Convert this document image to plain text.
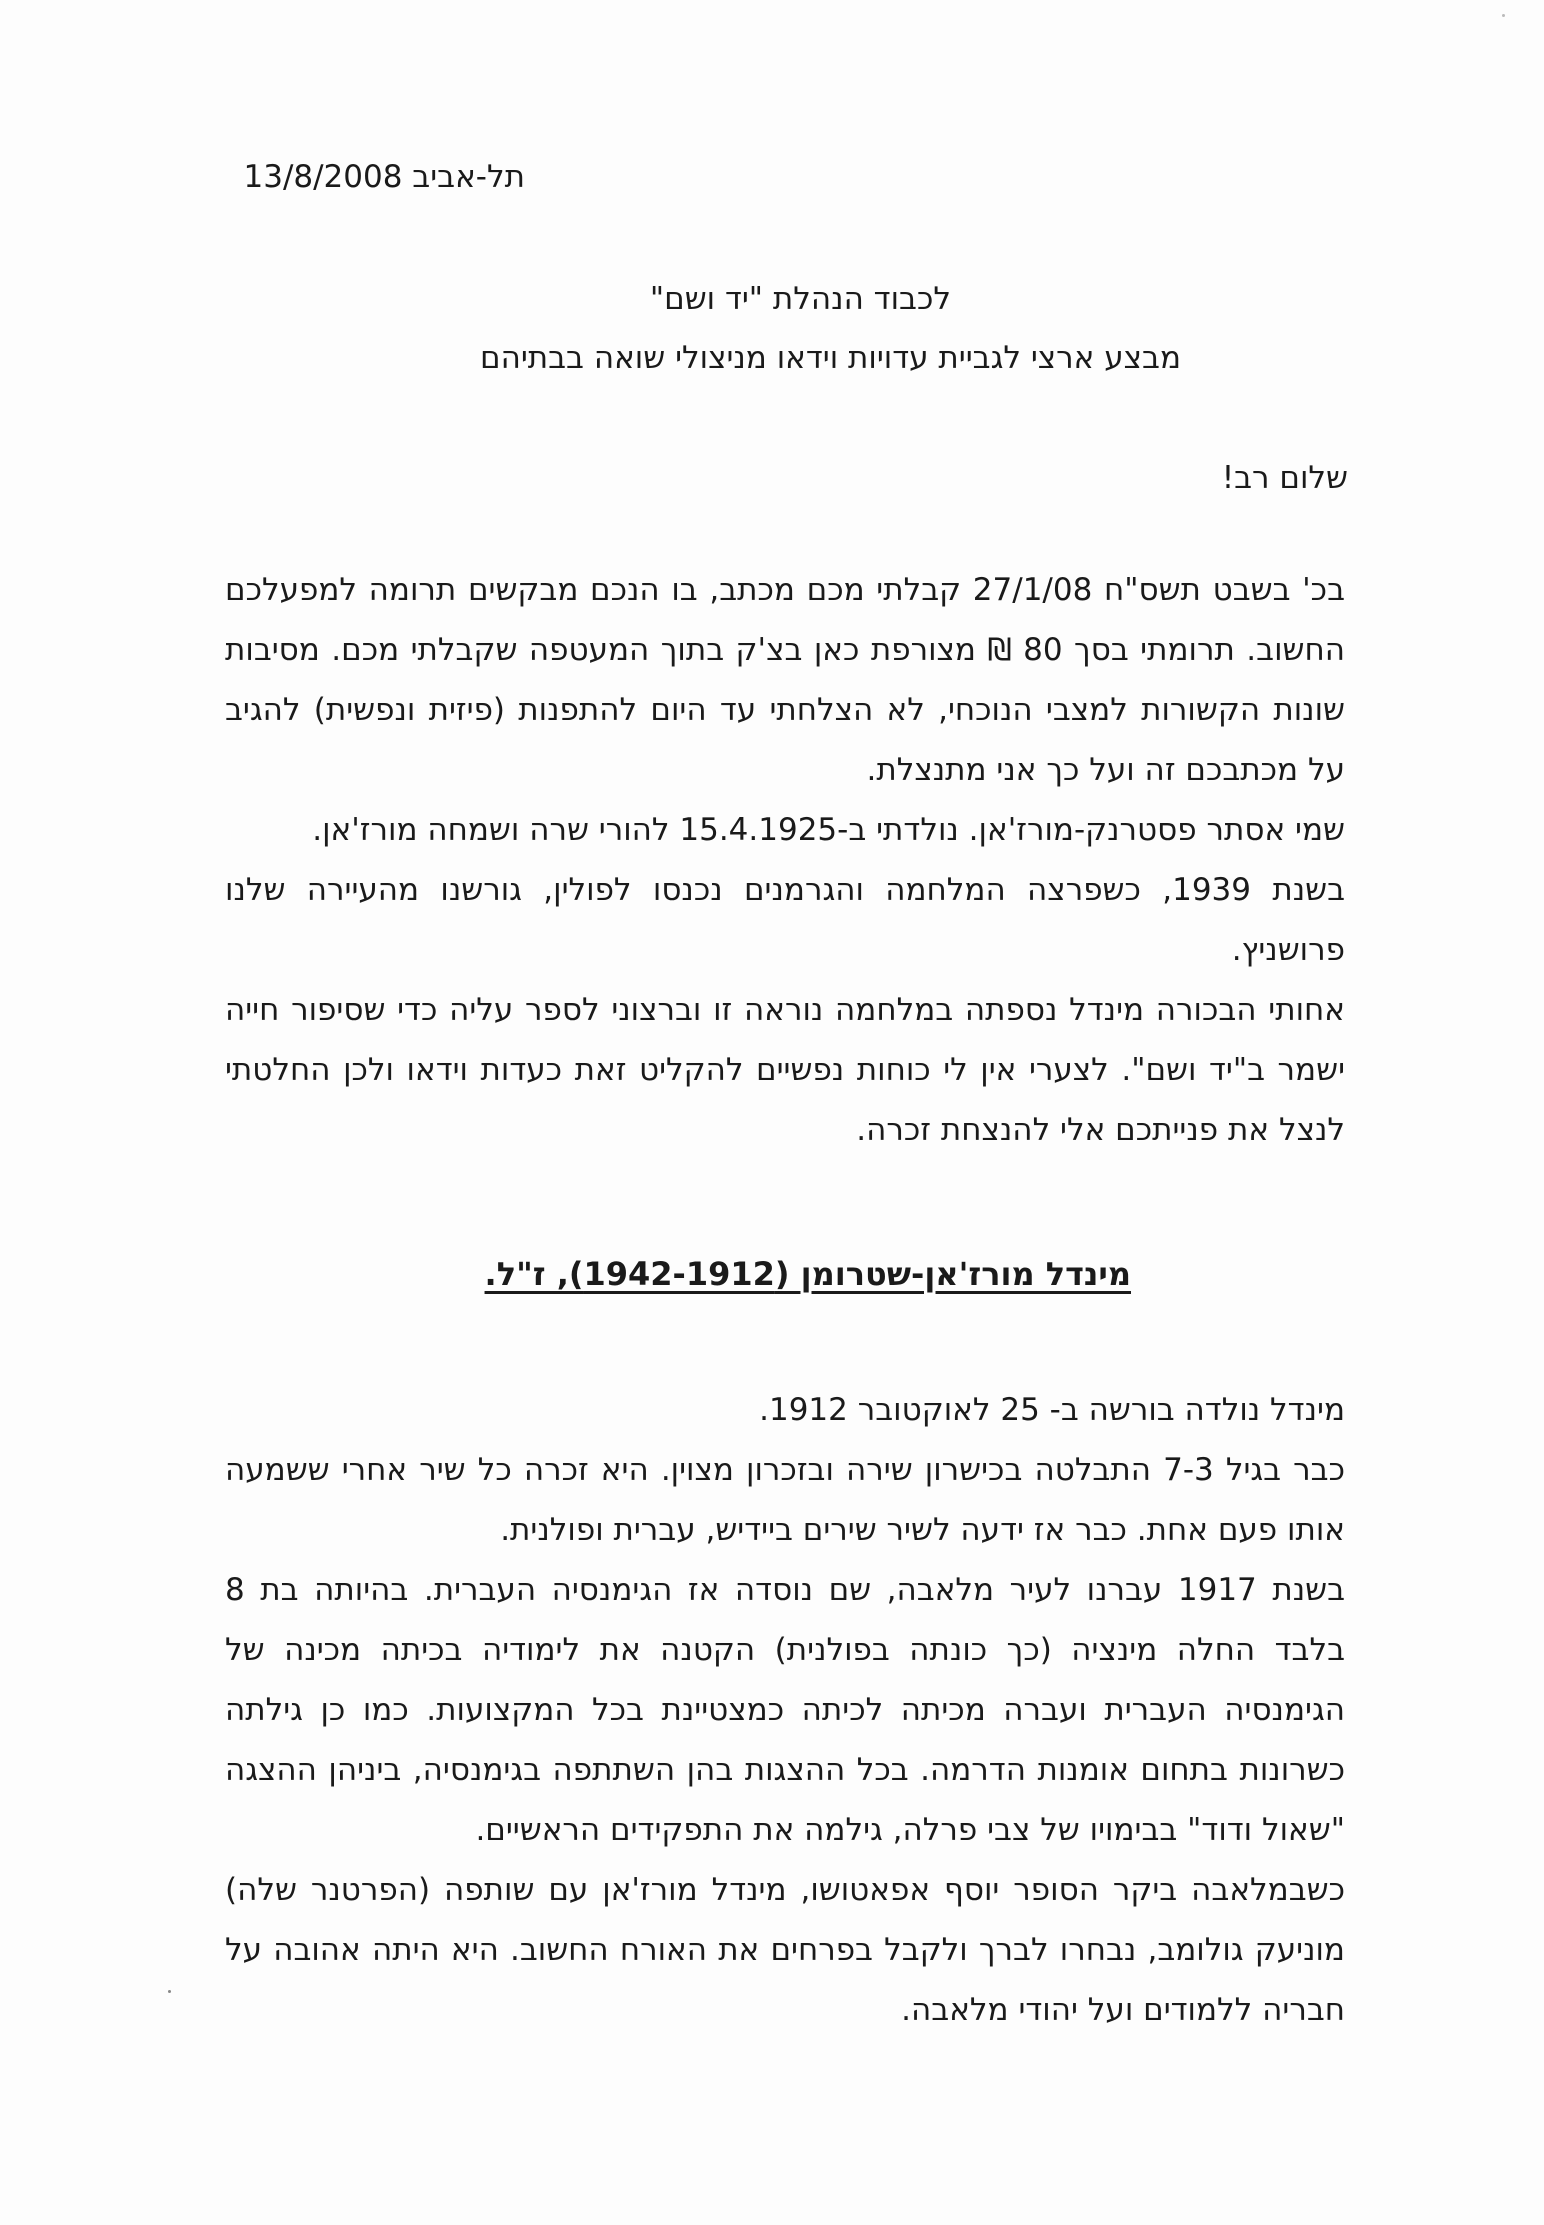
תל-אביב 13/8/2008
לכבוד הנהלת "יד ושם"
מבצע ארצי לגביית עדויות וידאו מניצולי שואה בבתיהם
שלום רב!

בכ' בשבט תשס"ח 27/1/08 קבלתי מכם מכתב, בו הנכם מבקשים תרומה למפעלכם החשוב. תרומתי בסך 80 ₪ מצורפת כאן בצ'ק בתוך המעטפה שקבלתי מכם. מסיבות שונות הקשורות למצבי הנוכחי, לא הצלחתי עד היום להתפנות (פיזית ונפשית) להגיב על מכתבכם זה ועל כך אני מתנצלת.

שמי אסתר פסטרנק-מורז'אן. נולדתי ב-15.4.1925 להורי שרה ושמחה מורז'אן.

בשנת 1939, כשפרצה המלחמה והגרמנים נכנסו לפולין, גורשנו מהעיירה שלנו פרושניץ.

אחותי הבכורה מינדל נספתה במלחמה נוראה זו וברצוני לספר עליה כדי שסיפור חייה ישמר ב"יד ושם". לצערי אין לי כוחות נפשיים להקליט זאת כעדות וידאו ולכן החלטתי לנצל את פנייתכם אלי להנצחת זכרה.

מינדל מורז'אן-שטרומן (1942-1912), ז"ל.

מינדל נולדה בורשה ב- 25 לאוקטובר 1912.

כבר בגיל 7-3 התבלטה בכישרון שירה ובזכרון מצוין. היא זכרה כל שיר אחרי ששמעה אותו פעם אחת. כבר אז ידעה לשיר שירים ביידיש, עברית ופולנית.

בשנת 1917 עברנו לעיר מלאבה, שם נוסדה אז הגימנסיה העברית. בהיותה בת 8 בלבד החלה מינציה (כך כונתה בפולנית) הקטנה את לימודיה בכיתה מכינה של הגימנסיה העברית ועברה מכיתה לכיתה כמצטיינת בכל המקצועות. כמו כן גילתה כשרונות בתחום אומנות הדרמה. בכל ההצגות בהן השתתפה בגימנסיה, ביניהן ההצגה "שאול ודוד" בבימויו של צבי פרלה, גילמה את התפקידים הראשיים.

כשבמלאבה ביקר הסופר יוסף אפאטושו, מינדל מורז'אן עם שותפה (הפרטנר שלה) מוניעק גולומב, נבחרו לברך ולקבל בפרחים את האורח החשוב. היא היתה אהובה על חבריה ללמודים ועל יהודי מלאבה.
